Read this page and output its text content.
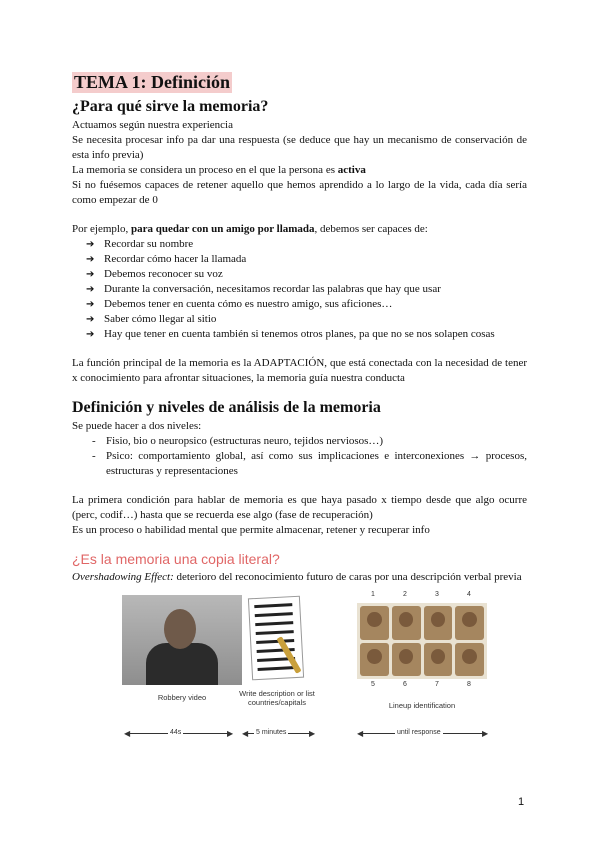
TEMA 1: Definición
¿Para qué sirve la memoria?

Actuamos según nuestra experiencia

Se necesita procesar info pa dar una respuesta (se deduce que hay un mecanismo de conservación de esta info previa)

La memoria se considera un proceso en el que la persona es activa

Si no fuésemos capaces de retener aquello que hemos aprendido a lo largo de la vida, cada día sería como empezar de 0

Por ejemplo, para quedar con un amigo por llamada, debemos ser capaces de:

➔ Recordar su nombre
➔ Recordar cómo hacer la llamada
➔ Debemos reconocer su voz
➔ Durante la conversación, necesitamos recordar las palabras que hay que usar
➔ Debemos tener en cuenta cómo es nuestro amigo, sus aficiones…
➔ Saber cómo llegar al sitio
➔ Hay que tener en cuenta también si tenemos otros planes, pa que no se nos solapen cosas

La función principal de la memoria es la ADAPTACIÓN, que está conectada con la necesidad de tener x conocimiento para afrontar situaciones, la memoria guía nuestra conducta

Definición y niveles de análisis de la memoria

Se puede hacer a dos niveles:

- Fisio, bio o neuropsico (estructuras neuro, tejidos nerviosos…)
- Psico: comportamiento global, así como sus implicaciones e interconexiones → procesos, estructuras y representaciones

La primera condición para hablar de memoria es que haya pasado x tiempo desde que algo ocurre (perc, codif…) hasta que se recuerda ese algo (fase de recuperación)

Es un proceso o habilidad mental que permite almacenar, retener y recuperar info

¿Es la memoria una copia literal?

Overshadowing Effect: deterioro del reconocimiento futuro de caras por una descripción verbal previa

Robbery video	Write description or list countries/capitals
1	2	3	4
5	6	7	8
Lineup identification
◀	▶
44s	◀	▶
5 minutes	◀	▶
until response
1
